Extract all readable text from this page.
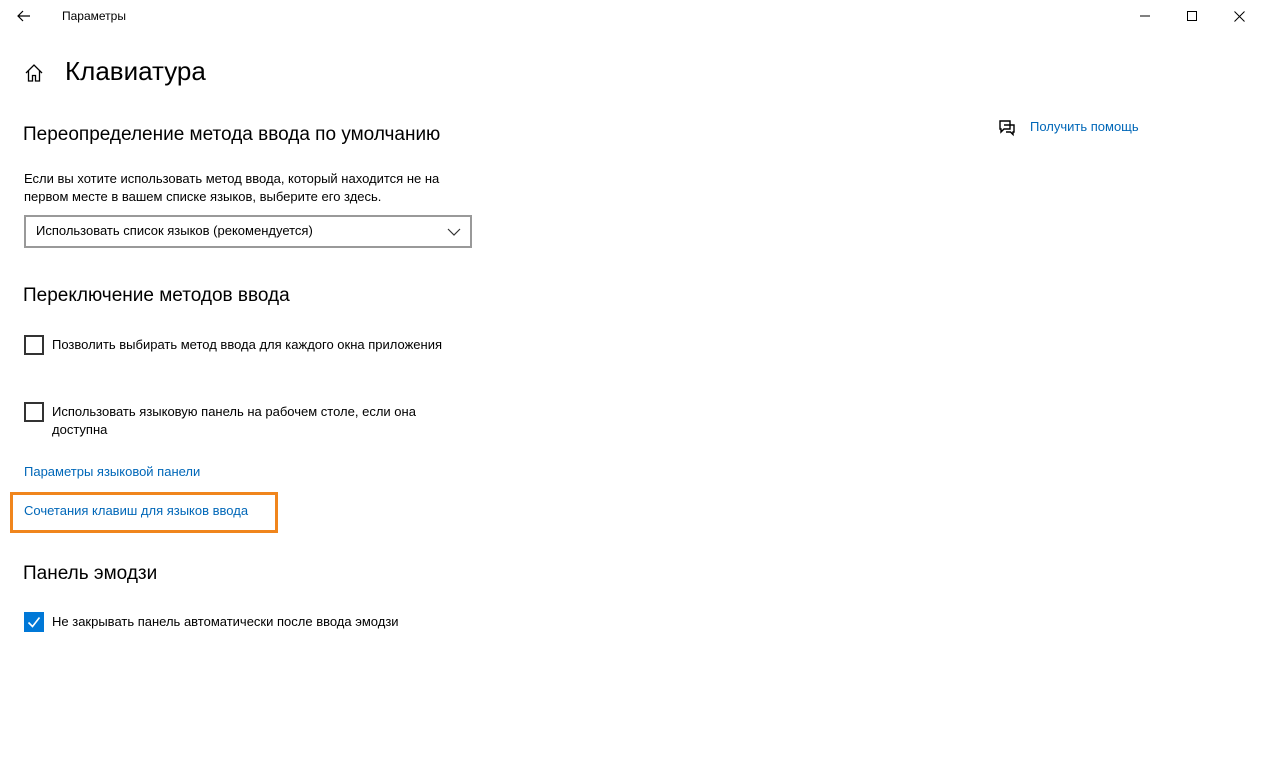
Параметры
Клавиатура
Получить помощь
Переопределение метода ввода по умолчанию
Если вы хотите использовать метод ввода, который находится не на первом месте в вашем списке языков, выберите его здесь.
Использовать список языков (рекомендуется)
Переключение методов ввода
Позволить выбирать метод ввода для каждого окна приложения
Использовать языковую панель на рабочем столе, если она доступна
Параметры языковой панели
Сочетания клавиш для языков ввода
Панель эмодзи
Не закрывать панель автоматически после ввода эмодзи
